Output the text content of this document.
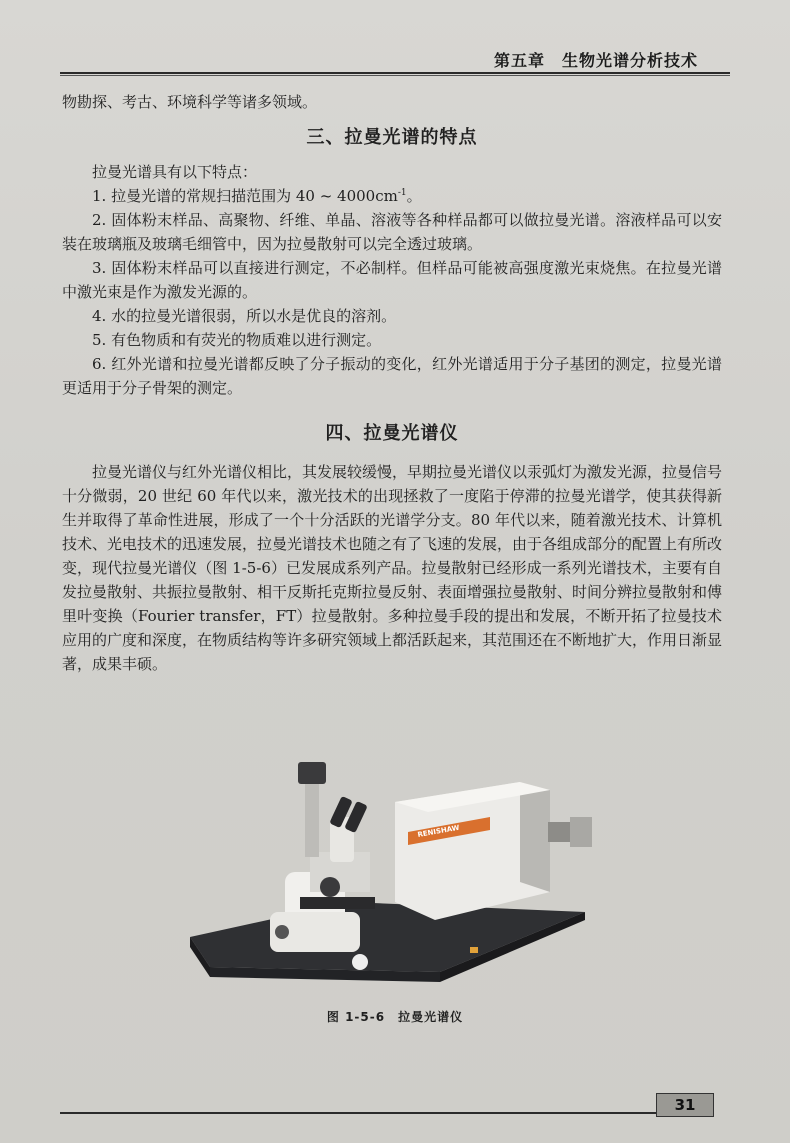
第五章　生物光谱分析技术

物勘探、考古、环境科学等诸多领域。

三、拉曼光谱的特点

拉曼光谱具有以下特点：

1. 拉曼光谱的常规扫描范围为 40 ~ $4000cm^{-1}$。

2. 固体粉末样品、高聚物、纤维、单晶、溶液等各种样品都可以做拉曼光谱。溶液样品可以安装在玻璃瓶及玻璃毛细管中，因为拉曼散射可以完全透过玻璃。

3. 固体粉末样品可以直接进行测定，不必制样。但样品可能被高强度激光束烧焦。在拉曼光谱中激光束是作为激发光源的。

4. 水的拉曼光谱很弱，所以水是优良的溶剂。

5. 有色物质和有荧光的物质难以进行测定。

6. 红外光谱和拉曼光谱都反映了分子振动的变化，红外光谱适用于分子基团的测定，拉曼光谱更适用于分子骨架的测定。

四、拉曼光谱仪

拉曼光谱仪与红外光谱仪相比，其发展较缓慢，早期拉曼光谱仪以汞弧灯为激发光源，拉曼信号十分微弱，20 世纪 60 年代以来，激光技术的出现拯救了一度陷于停滞的拉曼光谱学，使其获得新生并取得了革命性进展，形成了一个十分活跃的光谱学分支。80 年代以来，随着激光技术、计算机技术、光电技术的迅速发展，拉曼光谱技术也随之有了飞速的发展，由于各组成部分的配置上有所改变，现代拉曼光谱仪（图 1-5-6）已发展成系列产品。拉曼散射已经形成一系列光谱技术，主要有自发拉曼散射、共振拉曼散射、相干反斯托克斯拉曼反射、表面增强拉曼散射、时间分辨拉曼散射和傅里叶变换（Fourier transfer，FT）拉曼散射。多种拉曼手段的提出和发展，不断开拓了拉曼技术应用的广度和深度，在物质结构等许多研究领域上都活跃起来，其范围还在不断地扩大，作用日渐显著，成果丰硕。

RENISHAW
图 1-5-6　拉曼光谱仪
31
